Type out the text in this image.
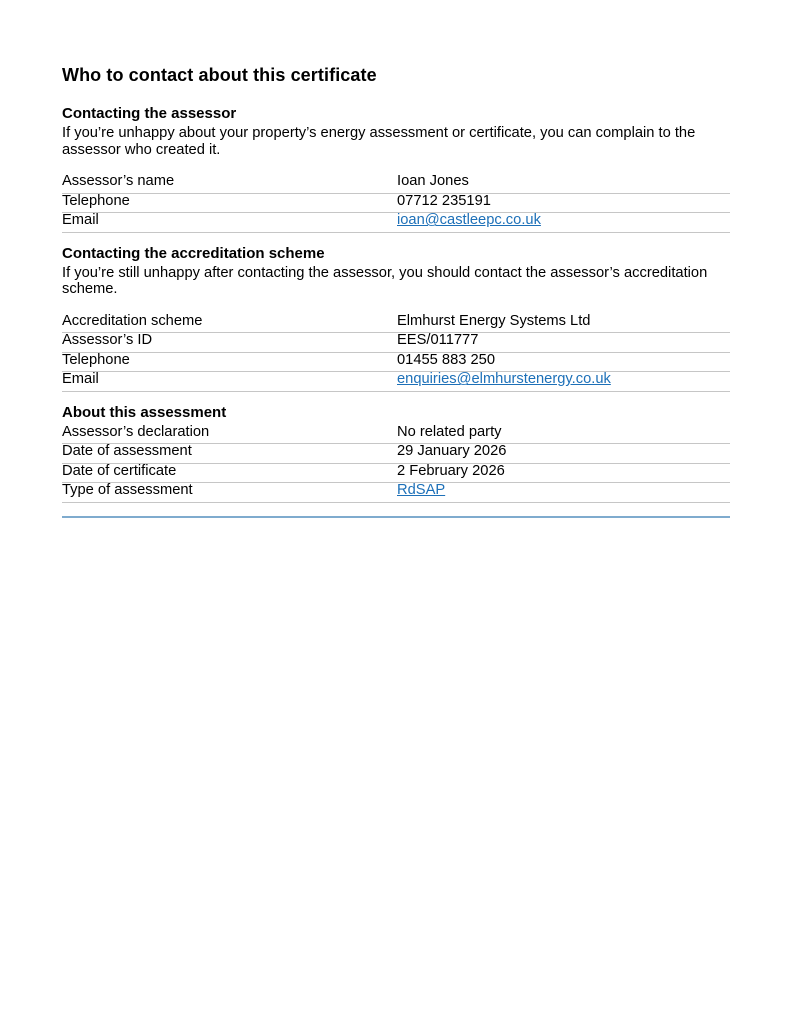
Who to contact about this certificate
Contacting the assessor

If you’re unhappy about your property’s energy assessment or certificate, you can complain to the assessor who created it.

Assessor’s name	Ioan Jones
Telephone	07712 235191
Email	ioan@castleepc.co.uk
Contacting the accreditation scheme

If you’re still unhappy after contacting the assessor, you should contact the assessor’s accreditation scheme.

Accreditation scheme	Elmhurst Energy Systems Ltd
Assessor’s ID	EES/011777
Telephone	01455 883 250
Email	enquiries@elmhurstenergy.co.uk
About this assessment
Assessor’s declaration	No related party
Date of assessment	29 January 2026
Date of certificate	2 February 2026
Type of assessment	RdSAP
